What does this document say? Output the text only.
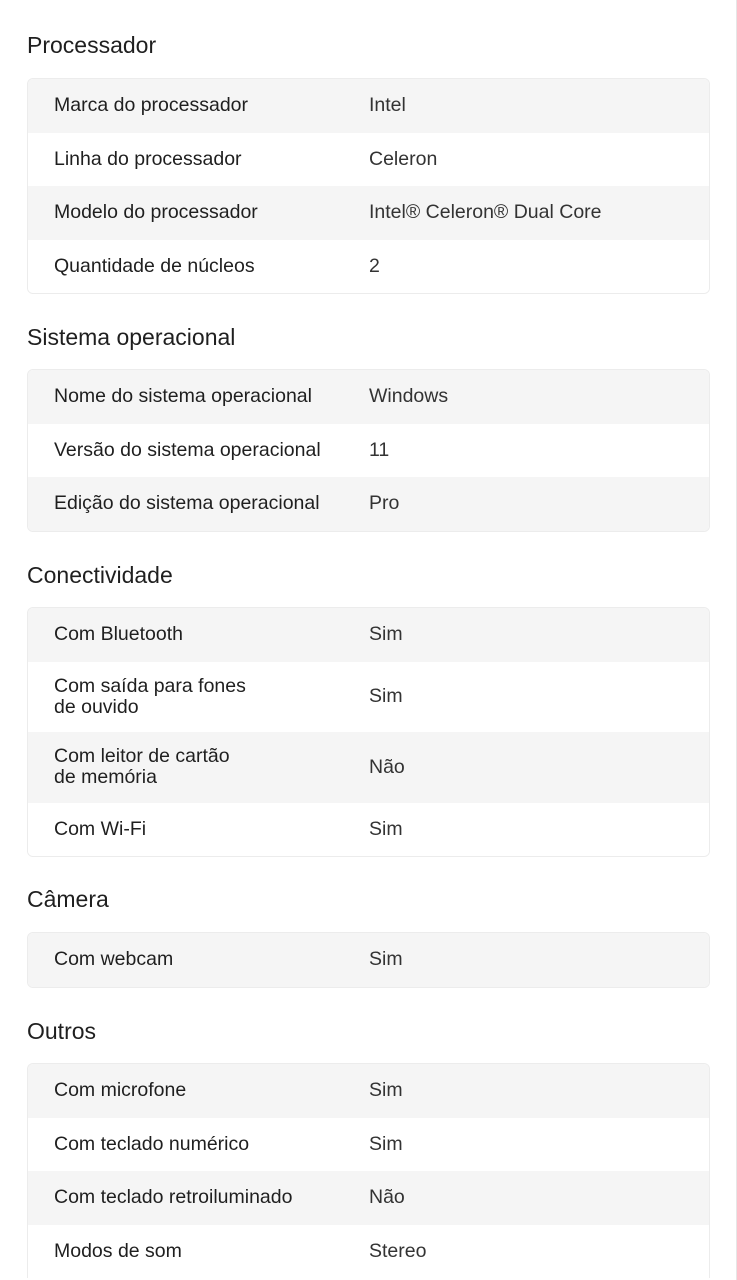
Processador
Marca do processador	Intel
Linha do processador	Celeron
Modelo do processador	Intel® Celeron® Dual Core
Quantidade de núcleos	2
Sistema operacional
Nome do sistema operacional	Windows
Versão do sistema operacional	11
Edição do sistema operacional	Pro
Conectividade
Com Bluetooth	Sim
Com saída para fones
de ouvido	Sim
Com leitor de cartão
de memória	Não
Com Wi-Fi	Sim
Câmera
Com webcam	Sim
Outros
Com microfone	Sim
Com teclado numérico	Sim
Com teclado retroiluminado	Não
Modos de som	Stereo
